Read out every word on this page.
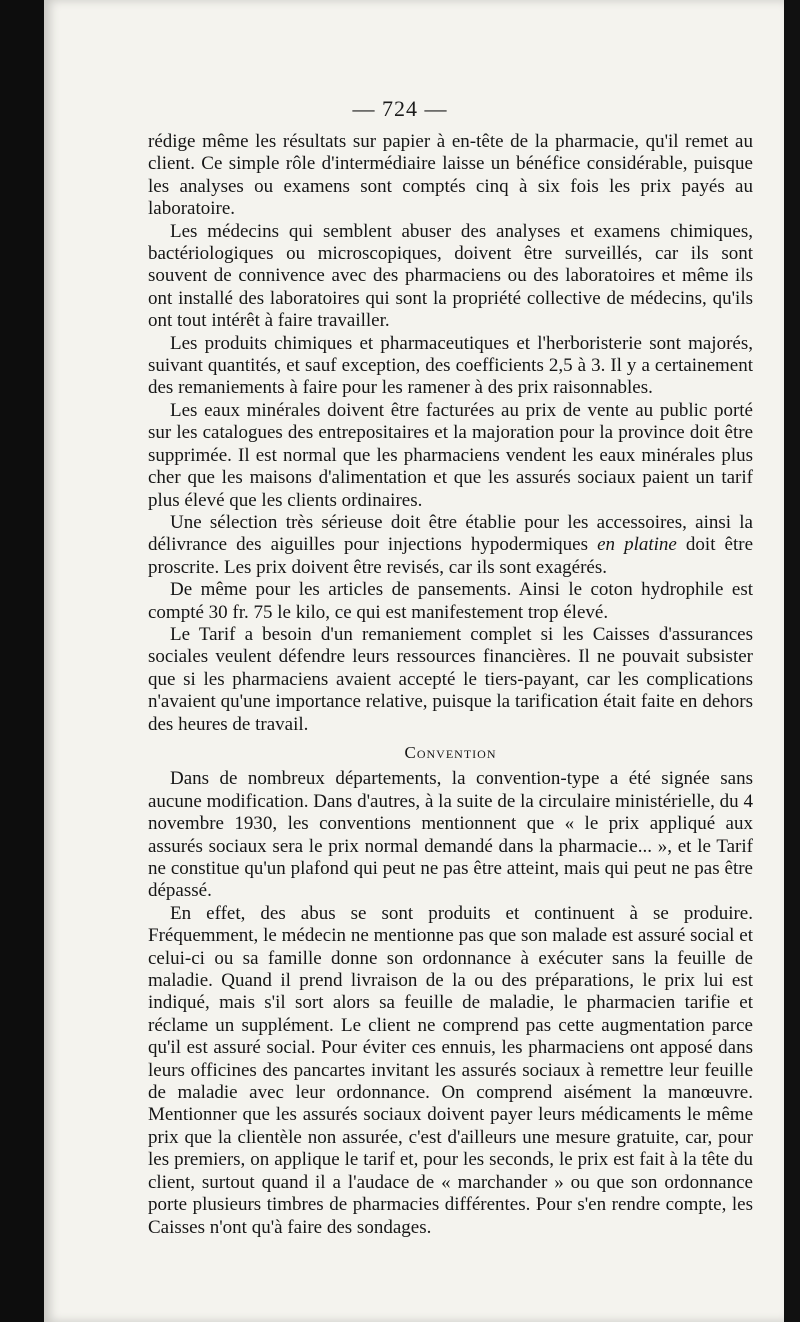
— 724 —

rédige même les résultats sur papier à en-tête de la pharmacie, qu'il remet au client. Ce simple rôle d'intermédiaire laisse un bénéfice considérable, puisque les analyses ou examens sont comptés cinq à six fois les prix payés au laboratoire.

Les médecins qui semblent abuser des analyses et examens chimiques, bactériologiques ou microscopiques, doivent être surveillés, car ils sont souvent de connivence avec des pharmaciens ou des laboratoires et même ils ont installé des laboratoires qui sont la propriété collective de médecins, qu'ils ont tout intérêt à faire travailler.

Les produits chimiques et pharmaceutiques et l'herboristerie sont majorés, suivant quantités, et sauf exception, des coefficients 2,5 à 3. Il y a certainement des remaniements à faire pour les ramener à des prix raisonnables.

Les eaux minérales doivent être facturées au prix de vente au public porté sur les catalogues des entrepositaires et la majoration pour la province doit être supprimée. Il est normal que les pharmaciens vendent les eaux minérales plus cher que les maisons d'alimentation et que les assurés sociaux paient un tarif plus élevé que les clients ordinaires.

Une sélection très sérieuse doit être établie pour les accessoires, ainsi la délivrance des aiguilles pour injections hypodermiques en platine doit être proscrite. Les prix doivent être revisés, car ils sont exagérés.

De même pour les articles de pansements. Ainsi le coton hydrophile est compté 30 fr. 75 le kilo, ce qui est manifestement trop élevé.

Le Tarif a besoin d'un remaniement complet si les Caisses d'assurances sociales veulent défendre leurs ressources financières. Il ne pouvait subsister que si les pharmaciens avaient accepté le tiers-payant, car les complications n'avaient qu'une importance relative, puisque la tarification était faite en dehors des heures de travail.

Convention

Dans de nombreux départements, la convention-type a été signée sans aucune modification. Dans d'autres, à la suite de la circulaire ministérielle, du 4 novembre 1930, les conventions mentionnent que « le prix appliqué aux assurés sociaux sera le prix normal demandé dans la pharmacie... », et le Tarif ne constitue qu'un plafond qui peut ne pas être atteint, mais qui peut ne pas être dépassé.

En effet, des abus se sont produits et continuent à se produire. Fréquemment, le médecin ne mentionne pas que son malade est assuré social et celui-ci ou sa famille donne son ordonnance à exécuter sans la feuille de maladie. Quand il prend livraison de la ou des préparations, le prix lui est indiqué, mais s'il sort alors sa feuille de maladie, le pharmacien tarifie et réclame un supplément. Le client ne comprend pas cette augmentation parce qu'il est assuré social. Pour éviter ces ennuis, les pharmaciens ont apposé dans leurs officines des pancartes invitant les assurés sociaux à remettre leur feuille de maladie avec leur ordonnance. On comprend aisément la manœuvre. Mentionner que les assurés sociaux doivent payer leurs médicaments le même prix que la clientèle non assurée, c'est d'ailleurs une mesure gratuite, car, pour les premiers, on applique le tarif et, pour les seconds, le prix est fait à la tête du client, surtout quand il a l'audace de « marchander » ou que son ordonnance porte plusieurs timbres de pharmacies différentes. Pour s'en rendre compte, les Caisses n'ont qu'à faire des sondages.
